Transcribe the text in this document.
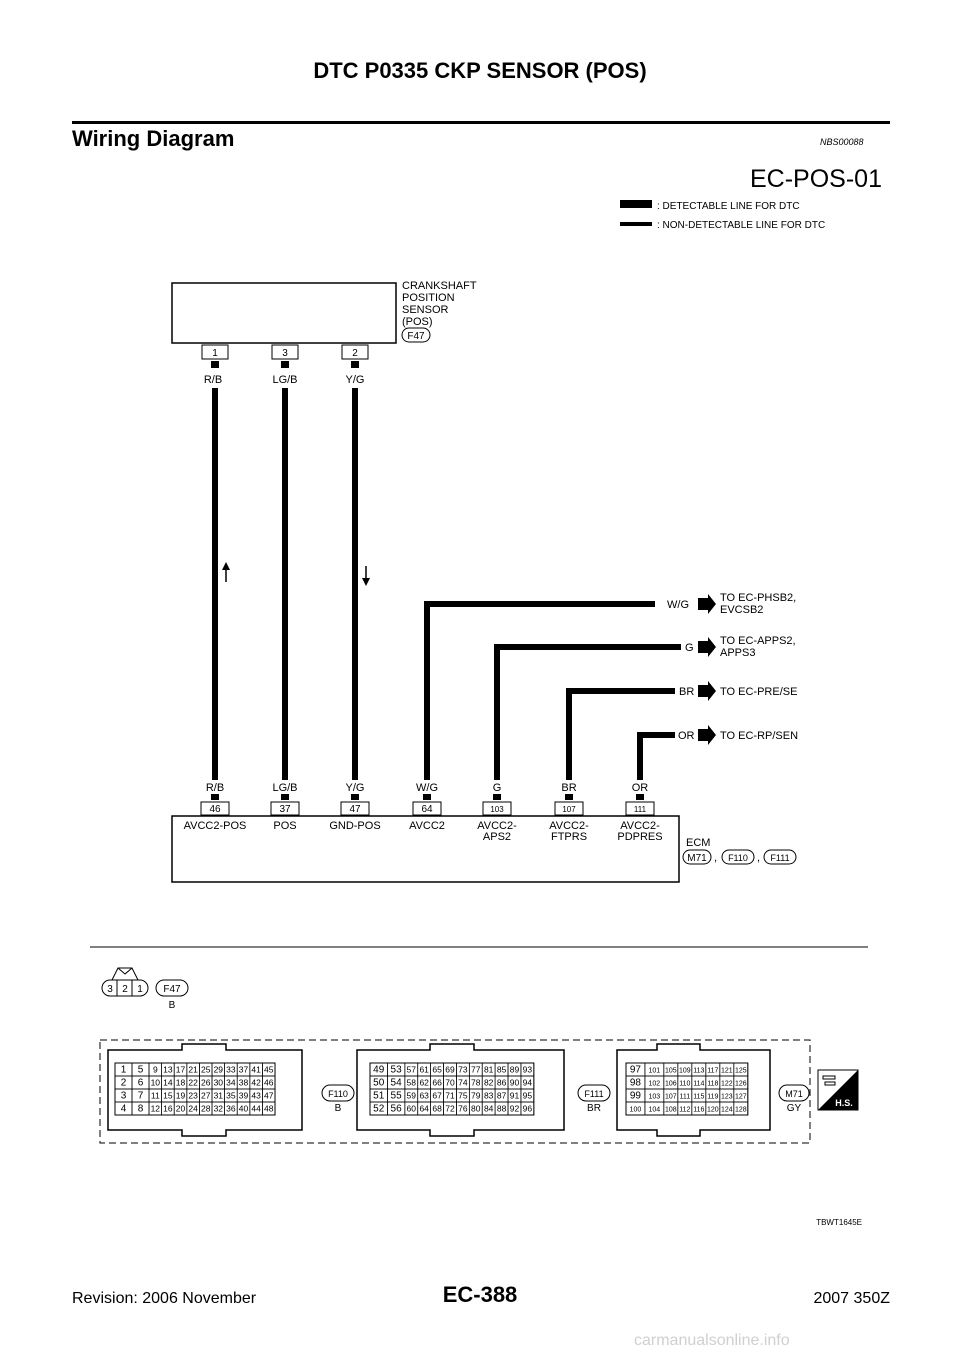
DTC P0335 CKP SENSOR (POS)
Wiring Diagram	NBS00088
EC-POS-01
: DETECTABLE LINE FOR DTC
: NON-DETECTABLE LINE FOR DTC
CRANKSHAFT
POSITION
SENSOR
(POS)
F47
1	3	2
R/B	LG/B	Y/G
W/G
TO EC-PHSB2,
EVCSB2
G
TO EC-APPS2,
APPS3
BR TO EC-PRE/SE
OR TO EC-RP/SEN
R/B
46
AVCC2-POS
LG/B
37
POS
Y/G
47
GND-POS
W/G
64
AVCC2
G
103
AVCC2-
APS2
BR
107
AVCC2-
FTPRS
OR
111
AVCC2-
PDPRES ECM
M71 , F110 , F111
3 2 1 F47
B
1 5 9 13 17 21 25 29 33 37 41 45
2 6 10 14 18 22 26 30 34 38 42 46
3 7 11 15 19 23 27 31 35 39 43 47
4 8 12 16 20 24 28 32 36 40 44 48
49 53 57 61 65 69 73 77 81 85 89 93
50 54 58 62 66 70 74 78 82 86 90 94
51 55 59 63 67 71 75 79 83 87 91 95
52 56 60 64 68 72 76 80 84 88 92 96
97 101 105 109 113 117 121 125
98 102 106 110 114 118 122 126
99 103 107 111 115 119 123 127
100 104 108 112 116 120 124 128
F110
B
F111
BR
M71
GY	H.S.
TBWT1645E
Revision: 2006 November	EC-388	2007 350Z
carmanualsonline.info
